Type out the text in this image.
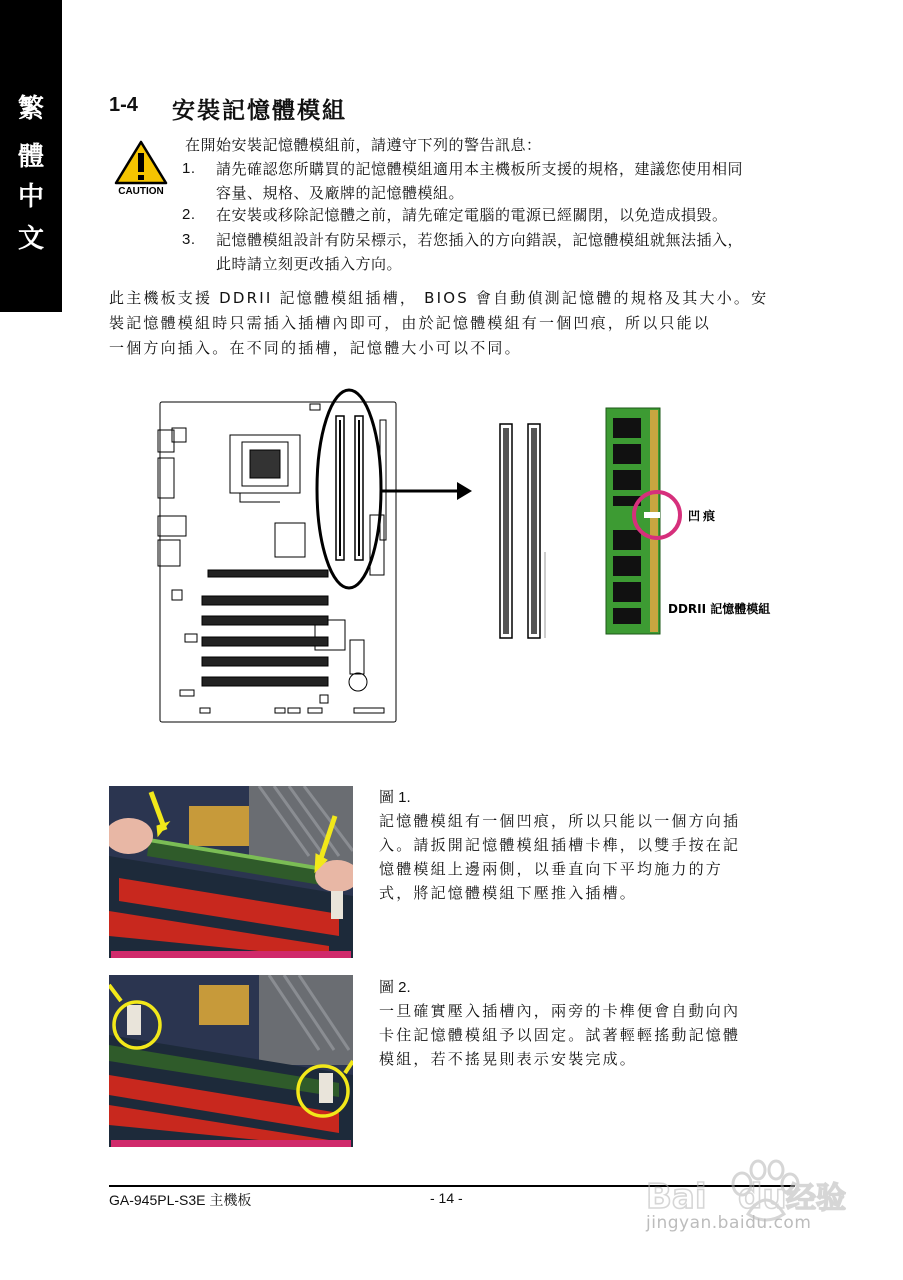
繁
體
中
文
1-4 安裝記憶體模組
CAUTION
在開始安裝記憶體模組前，請遵守下列的警告訊息：
1. 請先確認您所購買的記憶體模組適用本主機板所支援的規格，建議您使用相同
容量、規格、及廠牌的記憶體模組。
2. 在安裝或移除記憶體之前，請先確定電腦的電源已經關閉，以免造成損毀。
3. 記憶體模組設計有防呆標示，若您插入的方向錯誤，記憶體模組就無法插入，
此時請立刻更改插入方向。
此主機板支援 DDRII 記憶體模組插槽， BIOS 會自動偵測記憶體的規格及其大小。安
裝記憶體模組時只需插入插槽內即可，由於記憶體模組有一個凹痕，所以只能以
一個方向插入。在不同的插槽，記憶體大小可以不同。
凹痕
DDRII 記憶體模組
圖 1.
記憶體模組有一個凹痕，所以只能以一個方向插
入。請扳開記憶體模組插槽卡榫，以雙手按在記
憶體模組上邊兩側，以垂直向下平均施力的方
式，將記憶體模組下壓推入插槽。
圖 2.
一旦確實壓入插槽內，兩旁的卡榫便會自動向內
卡住記憶體模組予以固定。試著輕輕搖動記憶體
模組，若不搖晃則表示安裝完成。
GA-945PL-S3E 主機板	- 14 -	Bai du 经验
jingyan.baidu.com
